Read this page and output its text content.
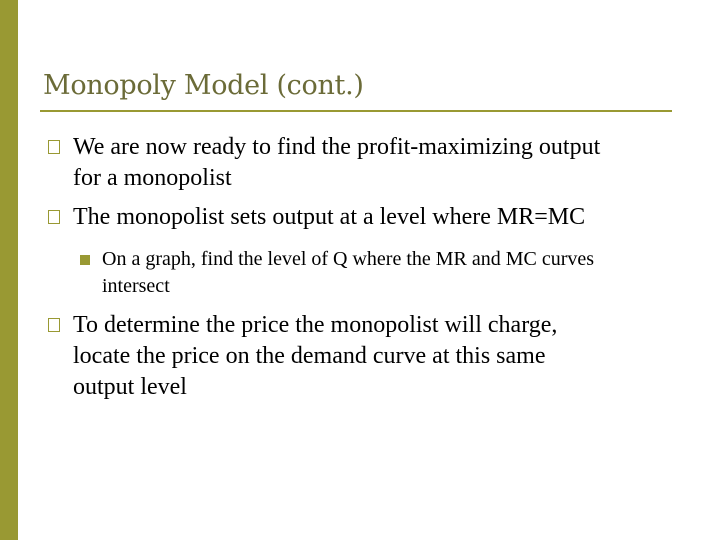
Monopoly Model (cont.)
We are now ready to find the profit-maximizing output
for a monopolist
The monopolist sets output at a level where MR=MC
On a graph, find the level of Q where the MR and MC curves
intersect
To determine the price the monopolist will charge,
locate the price on the demand curve at this same
output level
